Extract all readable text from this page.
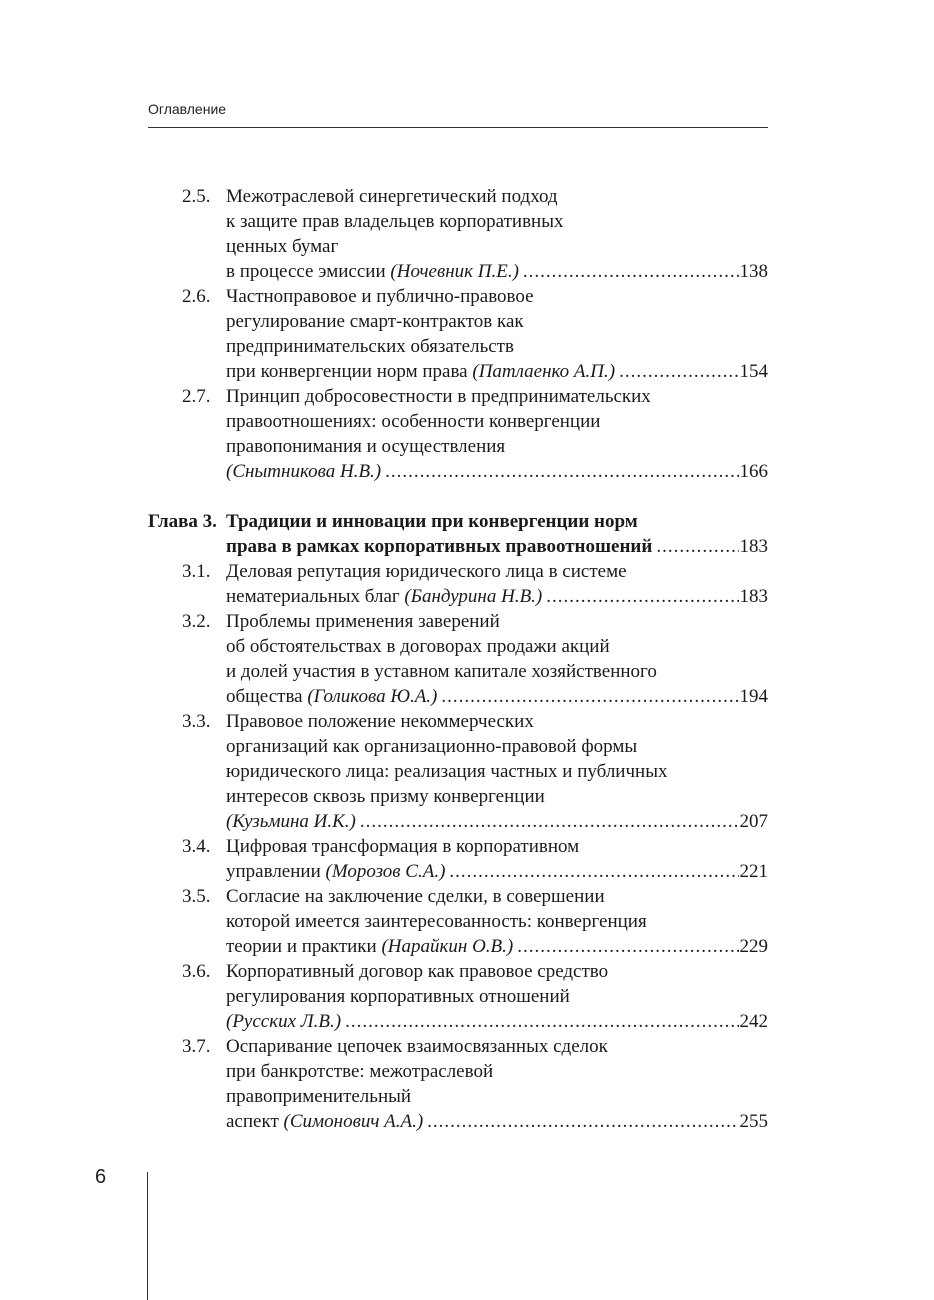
Оглавление
2.5. Межотраслевой синергетический подход
к защите прав владельцев корпоративных
ценных бумаг
в процессе эмиссии (Ночевник П.Е.) .....	138
2.6. Частноправовое и публично-правовое
регулирование смарт-контрактов как
предпринимательских обязательств
при конвергенции норм права (Патлаенко А.П.) .....	154
2.7. Принцип добросовестности в предпринимательских
правоотношениях: особенности конвергенции
правопонимания и осуществления
(Снытникова Н.В.) .....	166
Глава 3. Традиции и инновации при конвергенции норм
права в рамках корпоративных правоотношений .....	183
3.1. Деловая репутация юридического лица в системе
нематериальных благ (Бандурина Н.В.) .....	183
3.2. Проблемы применения заверений
об обстоятельствах в договорах продажи акций
и долей участия в уставном капитале хозяйственного
общества (Голикова Ю.А.) .....	194
3.3. Правовое положение некоммерческих
организаций как организационно-правовой формы
юридического лица: реализация частных и публичных
интересов сквозь призму конвергенции
(Кузьмина И.К.) .....	207
3.4. Цифровая трансформация в корпоративном
управлении (Морозов С.А.) .....	221
3.5. Согласие на заключение сделки, в совершении
которой имеется заинтересованность: конвергенция
теории и практики (Нарайкин О.В.) .....	229
3.6. Корпоративный договор как правовое средство
регулирования корпоративных отношений
(Русских Л.В.) .....	242
3.7. Оспаривание цепочек взаимосвязанных сделок
при банкротстве: межотраслевой
правоприменительный
аспект (Симонович А.А.) .....	255
6
